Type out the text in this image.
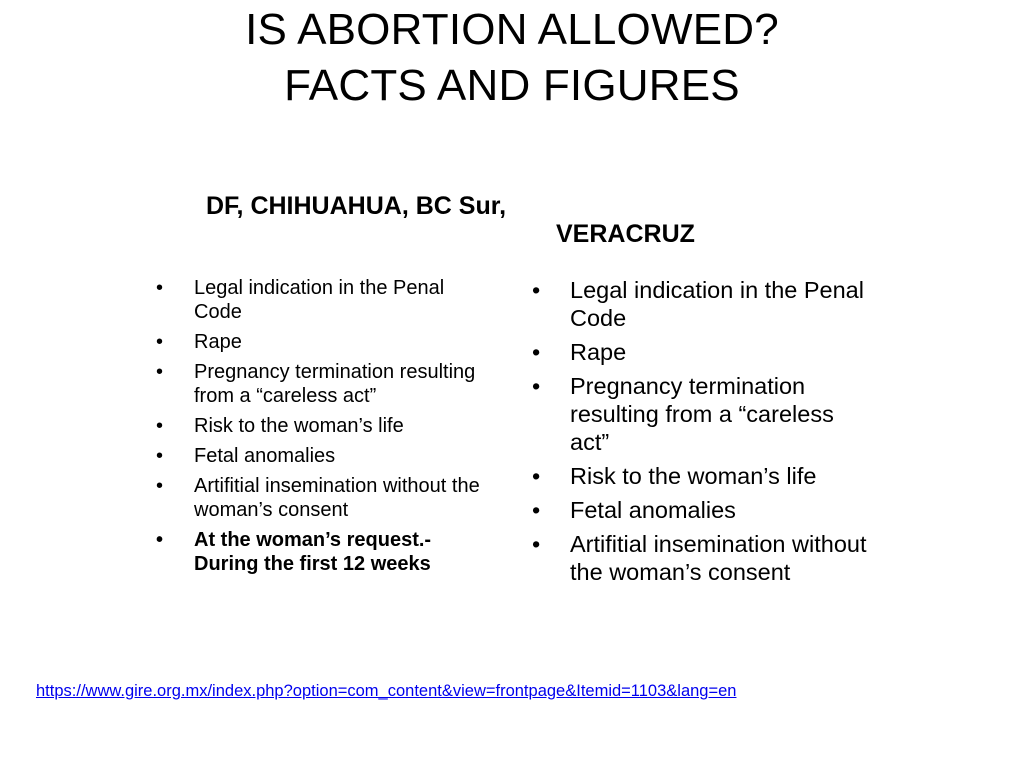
IS ABORTION ALLOWED?
FACTS AND FIGURES
DF, CHIHUAHUA, BC Sur,
• Legal indication in the Penal Code
• Rape
• Pregnancy termination resulting from a “careless act”
• Risk to the woman’s life
• Fetal anomalies
• Artifitial insemination without the woman’s consent
• At the woman’s request.- During the first 12 weeks
VERACRUZ
• Legal indication in the Penal Code
• Rape
• Pregnancy termination resulting from a “careless act”
• Risk to the woman’s life
• Fetal anomalies
• Artifitial insemination without the woman’s consent
https://www.gire.org.mx/index.php?option=com_content&view=frontpage&Itemid=1103&lang=en
